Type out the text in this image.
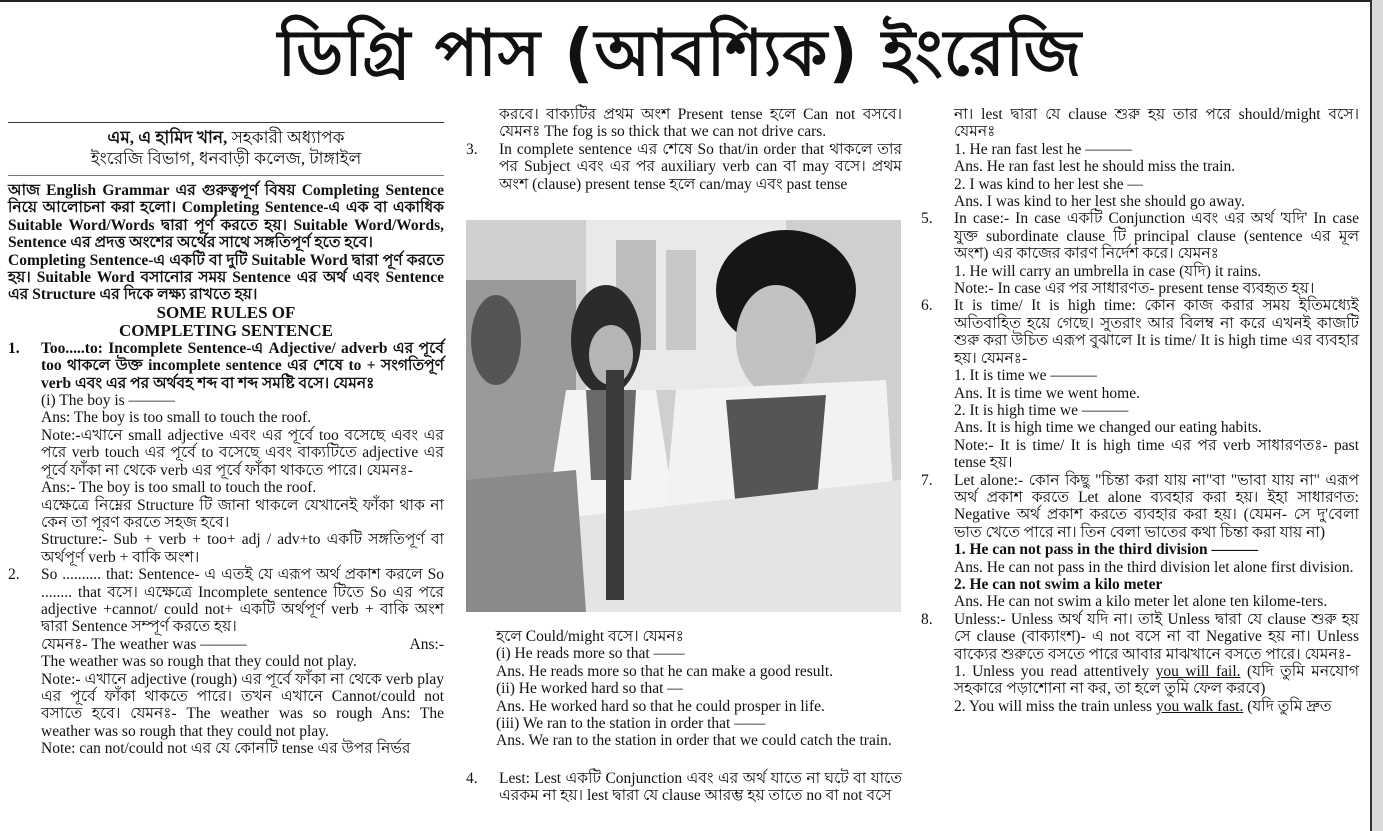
ডিগ্রি পাস (আবশ্যিক) ইংরেজি
এম, এ হামিদ খান, সহকারী অধ্যাপক
ইংরেজি বিভাগ, ধনবাড়ী কলেজ, টাঙ্গাইল

আজ English Grammar এর গুরুত্বপূর্ণ বিষয় Completing Sentence নিয়ে আলোচনা করা হলো। Completing Sentence-এ এক বা একাধিক Suitable Word/Words দ্বারা পূর্ণ করতে হয়। Suitable Word/Words, Sentence এর প্রদত্ত অংশের অর্থের সাথে সঙ্গতিপূর্ণ হতে হবে।

Completing Sentence-এ একটি বা দুটি Suitable Word দ্বারা পূর্ণ করতে হয়। Suitable Word বসানোর সময় Sentence এর অর্থ এবং Sentence এর Structure এর দিকে লক্ষ্য রাখতে হয়।

SOME RULES OF
COMPLETING SENTENCE
1.	Too.....to: Incomplete Sentence-এ Adjective/ adverb এর পূর্বে too থাকলে উক্ত incomplete sentence এর শেষে to + সংগতিপূর্ণ verb এবং এর পর অর্থবহ শব্দ বা শব্দ সমষ্টি বসে। যেমনঃ
(i) The boy is ———
Ans: The boy is too small to touch the roof.
Note:-এখানে small adjective এবং এর পূর্বে too বসেছে এবং এর পরে verb touch এর পূর্বে to বসেছে এবং বাক্যটিতে adjective এর পূর্বে ফাঁকা না থেকে verb এর পূর্বে ফাঁকা থাকতে পারে। যেমনঃ-
Ans:- The boy is too small to touch the roof.
এক্ষেত্রে নিম্নের Structure টি জানা থাকলে যেখানেই ফাঁকা থাক না কেন তা পূরণ করতে সহজ হবে।
Structure:- Sub + verb + too+ adj / adv+to একটি সঙ্গতিপূর্ণ বা অর্থপূর্ণ verb + বাকি অংশ।
2.	So .......... that: Sentence- এ এতই যে এরূপ অর্থ প্রকাশ করলে So ........ that বসে। এক্ষেত্রে Incomplete sentence টিতে So এর পরে adjective +cannot/ could not+ একটি অর্থপূর্ণ verb + বাকি অংশ দ্বারা Sentence সম্পূর্ণ করতে হয়।
যেমনঃ- The weather was ———	Ans:-
The weather was so rough that they could not play.
Note:- এখানে adjective (rough) এর পূর্বে ফাঁকা না থেকে verb play এর পূর্বে ফাঁকা থাকতে পারে। তখন এখানে Cannot/could not বসাতে হবে। যেমনঃ- The weather was so rough Ans: The weather was so rough that they could not play.
Note: can not/could not এর যে কোনটি tense এর উপর নির্ভর
করবে। বাক্যটির প্রথম অংশ Present tense হলে Can not বসবে। যেমনঃ The fog is so thick that we can not drive cars.
3.	In complete sentence এর শেষে So that/in order that থাকলে তার পর Subject এবং এর পর auxiliary verb can বা may বসে। প্রথম অংশ (clause) present tense হলে can/may এবং past tense
হলে Could/might বসে। যেমনঃ
(i) He reads more so that ——
Ans. He reads more so that he can make a good result.
(ii) He worked hard so that —
Ans. He worked hard so that he could prosper in life.
(iii) We ran to the station in order that ——
Ans. We ran to the station in order that we could catch the train.
4.	Lest: Lest একটি Conjunction এবং এর অর্থ যাতে না ঘটে বা যাতে এরকম না হয়। lest দ্বারা যে clause আরম্ভ হয় তাতে no বা not বসে
না। lest দ্বারা যে clause শুরু হয় তার পরে should/might বসে। যেমনঃ
1. He ran fast lest he ———
Ans. He ran fast lest he should miss the train.
2. I was kind to her lest she —
Ans. I was kind to her lest she should go away.
5.	In case:- In case একটি Conjunction এবং এর অর্থ 'যদি' In case যুক্ত subordinate clause টি principal clause (sentence এর মূল অংশ) এর কাজের কারণ নির্দেশ করে। যেমনঃ
1. He will carry an umbrella in case (যদি) it rains.
Note:- In case এর পর সাধারণত- present tense ব্যবহৃত হয়।
6.	It is time/ It is high time: কোন কাজ করার সময় ইতিমধ্যেই অতিবাহিত হয়ে গেছে। সুতরাং আর বিলম্ব না করে এখনই কাজটি শুরু করা উচিত এরূপ বুঝালে It is time/ It is high time এর ব্যবহার হয়। যেমনঃ-
1. It is time we ———
Ans. It is time we went home.
2. It is high time we ———
Ans. It is high time we changed our eating habits.
Note:- It is time/ It is high time এর পর verb সাধারণতঃ- past tense হয়।
7.	Let alone:- কোন কিছু "চিন্তা করা যায় না"বা "ভাবা যায় না" এরূপ অর্থ প্রকাশ করতে Let alone ব্যবহার করা হয়। ইহা সাধারণত: Negative অর্থ প্রকাশ করতে ব্যবহার করা হয়। (যেমন- সে দু'বেলা ভাত খেতে পারে না। তিন বেলা ভাতের কথা চিন্তা করা যায় না)
1. He can not pass in the third division ———
Ans. He can not pass in the third division let alone first division.
2. He can not swim a kilo meter
Ans. He can not swim a kilo meter let alone ten kilome-ters.
8.	Unless:- Unless অর্থ যদি না। তাই Unless দ্বারা যে clause শুরু হয় সে clause (বাক্যাংশ)- এ not বসে না বা Negative হয় না। Unless বাক্যের শুরুতে বসতে পারে আবার মাঝখানে বসতে পারে। যেমনঃ-
1. Unless you read attentively you will fail. (যদি তুমি মনযোগ সহকারে পড়াশোনা না কর, তা হলে তুমি ফেল করবে)
2. You will miss the train unless you walk fast. (যদি তুমি দ্রুত
